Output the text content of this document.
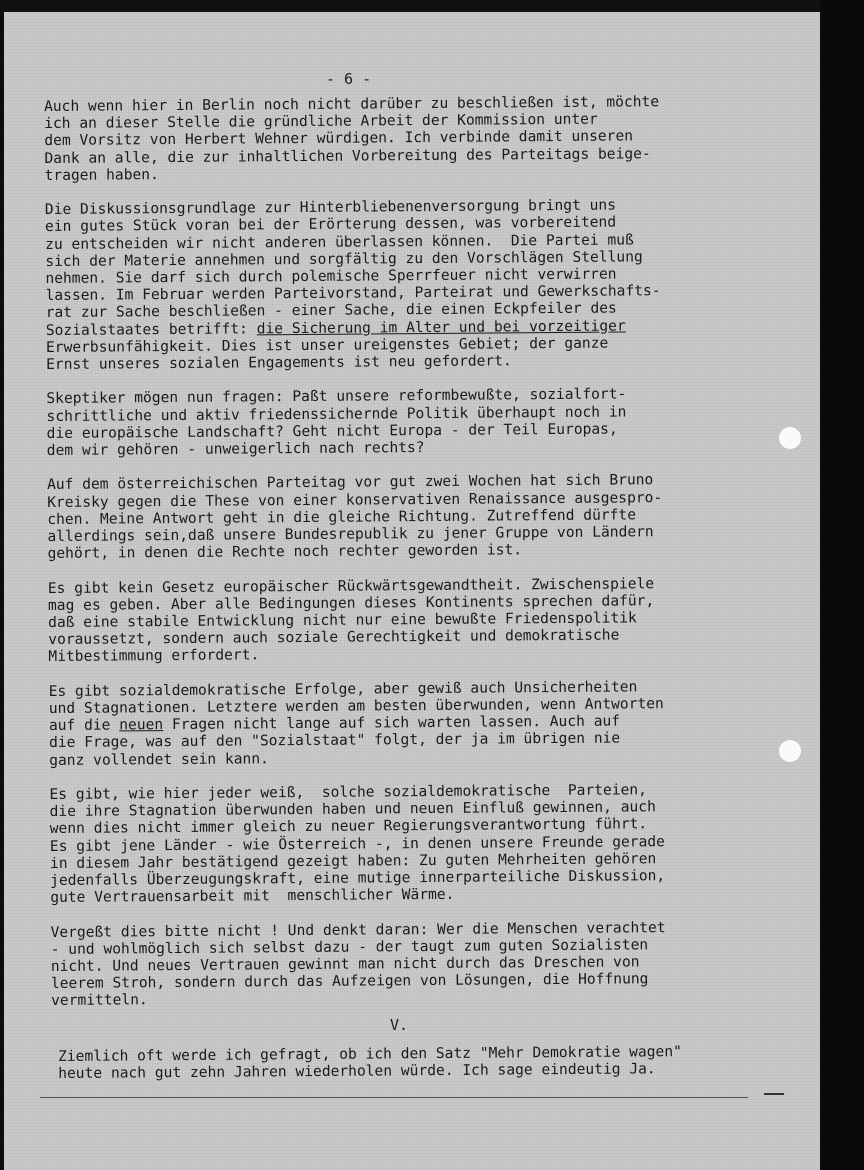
- 6 -
Auch wenn hier in Berlin noch nicht darüber zu beschließen ist, möchte
ich an dieser Stelle die gründliche Arbeit der Kommission unter
dem Vorsitz von Herbert Wehner würdigen. Ich verbinde damit unseren
Dank an alle, die zur inhaltlichen Vorbereitung des Parteitags beige-
tragen haben.
Die Diskussionsgrundlage zur Hinterbliebenenversorgung bringt uns
ein gutes Stück voran bei der Erörterung dessen, was vorbereitend
zu entscheiden wir nicht anderen überlassen können.  Die Partei muß
sich der Materie annehmen und sorgfältig zu den Vorschlägen Stellung
nehmen. Sie darf sich durch polemische Sperrfeuer nicht verwirren
lassen. Im Februar werden Parteivorstand, Parteirat und Gewerkschafts-
rat zur Sache beschließen - einer Sache, die einen Eckpfeiler des
Sozialstaates betrifft: die Sicherung im Alter und bei vorzeitiger
Erwerbsunfähigkeit. Dies ist unser ureigenstes Gebiet; der ganze
Ernst unseres sozialen Engagements ist neu gefordert.
Skeptiker mögen nun fragen: Paßt unsere reformbewußte, sozialfort-
schrittliche und aktiv friedenssichernde Politik überhaupt noch in
die europäische Landschaft? Geht nicht Europa - der Teil Europas,
dem wir gehören - unweigerlich nach rechts?
Auf dem österreichischen Parteitag vor gut zwei Wochen hat sich Bruno
Kreisky gegen die These von einer konservativen Renaissance ausgespro-
chen. Meine Antwort geht in die gleiche Richtung. Zutreffend dürfte
allerdings sein,daß unsere Bundesrepublik zu jener Gruppe von Ländern
gehört, in denen die Rechte noch rechter geworden ist.
Es gibt kein Gesetz europäischer Rückwärtsgewandtheit. Zwischenspiele
mag es geben. Aber alle Bedingungen dieses Kontinents sprechen dafür,
daß eine stabile Entwicklung nicht nur eine bewußte Friedenspolitik
voraussetzt, sondern auch soziale Gerechtigkeit und demokratische
Mitbestimmung erfordert.
Es gibt sozialdemokratische Erfolge, aber gewiß auch Unsicherheiten
und Stagnationen. Letztere werden am besten überwunden, wenn Antworten
auf die neuen Fragen nicht lange auf sich warten lassen. Auch auf
die Frage, was auf den "Sozialstaat" folgt, der ja im übrigen nie
ganz vollendet sein kann.
Es gibt, wie hier jeder weiß,  solche sozialdemokratische  Parteien,
die ihre Stagnation überwunden haben und neuen Einfluß gewinnen, auch
wenn dies nicht immer gleich zu neuer Regierungsverantwortung führt.
Es gibt jene Länder - wie Österreich -, in denen unsere Freunde gerade
in diesem Jahr bestätigend gezeigt haben: Zu guten Mehrheiten gehören
jedenfalls Überzeugungskraft, eine mutige innerparteiliche Diskussion,
gute Vertrauensarbeit mit  menschlicher Wärme.
Vergeßt dies bitte nicht ! Und denkt daran: Wer die Menschen verachtet
- und wohlmöglich sich selbst dazu - der taugt zum guten Sozialisten
nicht. Und neues Vertrauen gewinnt man nicht durch das Dreschen von
leerem Stroh, sondern durch das Aufzeigen von Lösungen, die Hoffnung
vermitteln.
V.
Ziemlich oft werde ich gefragt, ob ich den Satz "Mehr Demokratie wagen"
heute nach gut zehn Jahren wiederholen würde. Ich sage eindeutig Ja.
